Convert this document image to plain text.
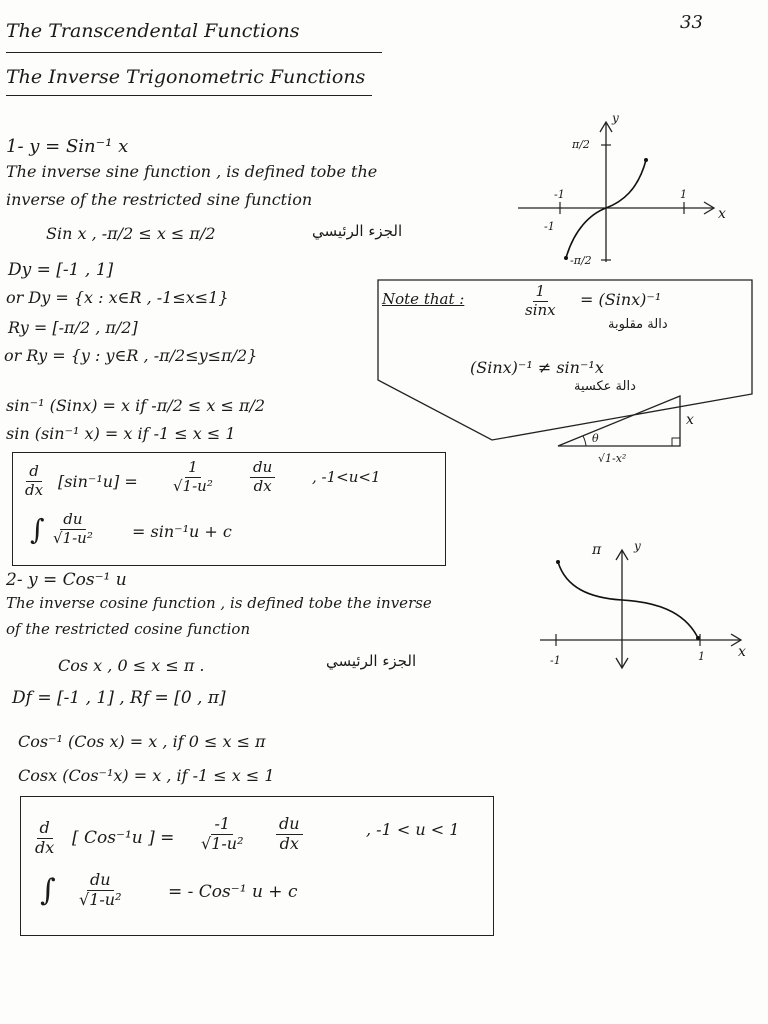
33
The Transcendental Functions
The Inverse Trigonometric Functions
1- y = Sin⁻¹ x
The inverse sine function , is defined tobe the
inverse of the restricted sine function
Sin x , -π/2 ≤ x ≤ π/2	الجزء الرئيسي
Dy = [-1 , 1]
or Dy = {x : x∈R , -1≤x≤1}
Ry = [-π/2 , π/2]
or Ry = {y : y∈R , -π/2≤y≤π/2}
sin⁻¹ (Sinx) = x if -π/2 ≤ x ≤ π/2
sin (sin⁻¹ x) = x if -1 ≤ x ≤ 1
$\frac{d}{dx} [\sin^{-1}u] = \frac{1}{\text{√1-u²}} \frac{du}{dx}$ , -1<u<1
∫ $\frac{du}{\text{√1-u²}} = \sin^{-1}u + c$
y
x
π/2
-π/2
-1	1
-1
Note that :	$\frac{1}{\sin x}$ = (Sinx)⁻¹
دالة مقلوبة
(Sinx)⁻¹ ≠ sin⁻¹x
دالة عكسية
θ
x
√1-x²
2- y = Cos⁻¹ u
The inverse cosine function , is defined tobe the inverse
of the restricted cosine function
Cos x , 0 ≤ x ≤ π .	الجزء الرئيسي
Df = [-1 , 1] , Rf = [0 , π]
Cos⁻¹ (Cos x) = x , if 0 ≤ x ≤ π
Cosx (Cos⁻¹x) = x , if -1 ≤ x ≤ 1
π	y
x
-1	1
$\frac{d}{dx}$ [ Cos⁻¹u ] = $\frac{-1}{\text{√1-u²}} \frac{du}{dx}$	, -1 < u < 1
∫ $\frac{du}{\text{√1-u²}}$	= - Cos⁻¹ u + c
